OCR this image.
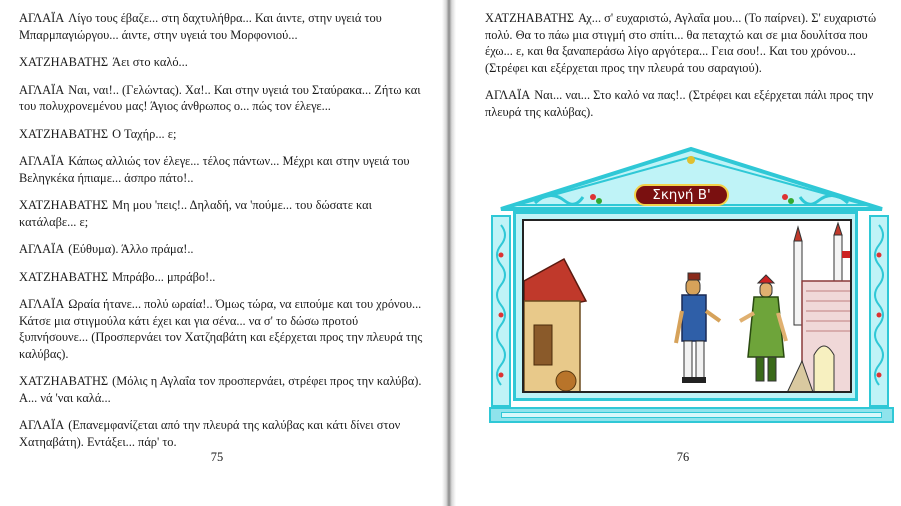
ΑΓΛΑΪΑ Λίγο τους έβαζε... στη δαχτυλήθρα... Και άιντε, στην υγειά του Μπαρμπαγιώργου... άιντε, στην υγειά του Μορφονιού...

ΧΑΤΖΗΑΒΑΤΗΣ Άει στο καλό...

ΑΓΛΑΪΑ Ναι, ναι!.. (Γελώντας). Χα!.. Και στην υγειά του Σταύρακα... Ζήτω και του πολυχρονεμένου μας! Άγιος άνθρωπος ο... πώς τον έλεγε...

ΧΑΤΖΗΑΒΑΤΗΣ Ο Ταχήρ... ε;

ΑΓΛΑΪΑ Κάπως αλλιώς τον έλεγε... τέλος πάντων... Μέχρι και στην υγειά του Βεληγκέκα ήπιαμε... άσπρο πάτο!..

ΧΑΤΖΗΑΒΑΤΗΣ Μη μου 'πεις!.. Δηλαδή, να 'πούμε... του δώσατε και κατάλαβε... ε;

ΑΓΛΑΪΑ (Εύθυμα). Άλλο πράμα!..

ΧΑΤΖΗΑΒΑΤΗΣ Μπράβο... μπράβο!..

ΑΓΛΑΪΑ Ωραία ήτανε... πολύ ωραία!.. Όμως τώρα, να ειπούμε και του χρόνου... Κάτσε μια στιγμούλα κάτι έχει και για σένα... να σ' το δώσω προτού ξυπνήσουνε... (Προσπερνάει τον Χατζηαβάτη και εξέρχεται προς την πλευρά της καλύβας).

ΧΑΤΖΗΑΒΑΤΗΣ (Μόλις η Αγλαΐα τον προσπερνάει, στρέφει προς την καλύβα). Α... νά 'ναι καλά...

ΑΓΛΑΪΑ (Επανεμφανίζεται από την πλευρά της καλύβας και κάτι δίνει στον Χατηαβάτη). Εντάξει... πάρ' το.

75

ΧΑΤΖΗΑΒΑΤΗΣ Αχ... σ' ευχαριστώ, Αγλαΐα μου... (Το παίρνει). Σ' ευχαριστώ πολύ. Θα το πάω μια στιγμή στο σπίτι... θα πεταχτώ και σε μια δουλίτσα που έχω... ε, και θα ξαναπεράσω λίγο αργότερα... Γεια σου!.. Και του χρόνου... (Στρέφει και εξέρχεται προς την πλευρά του σαραγιού).

ΑΓΛΑΪΑ Ναι... ναι... Στο καλό να πας!.. (Στρέφει και εξέρχεται πάλι προς την πλευρά της καλύβας).

Σκηνή Β'
76
